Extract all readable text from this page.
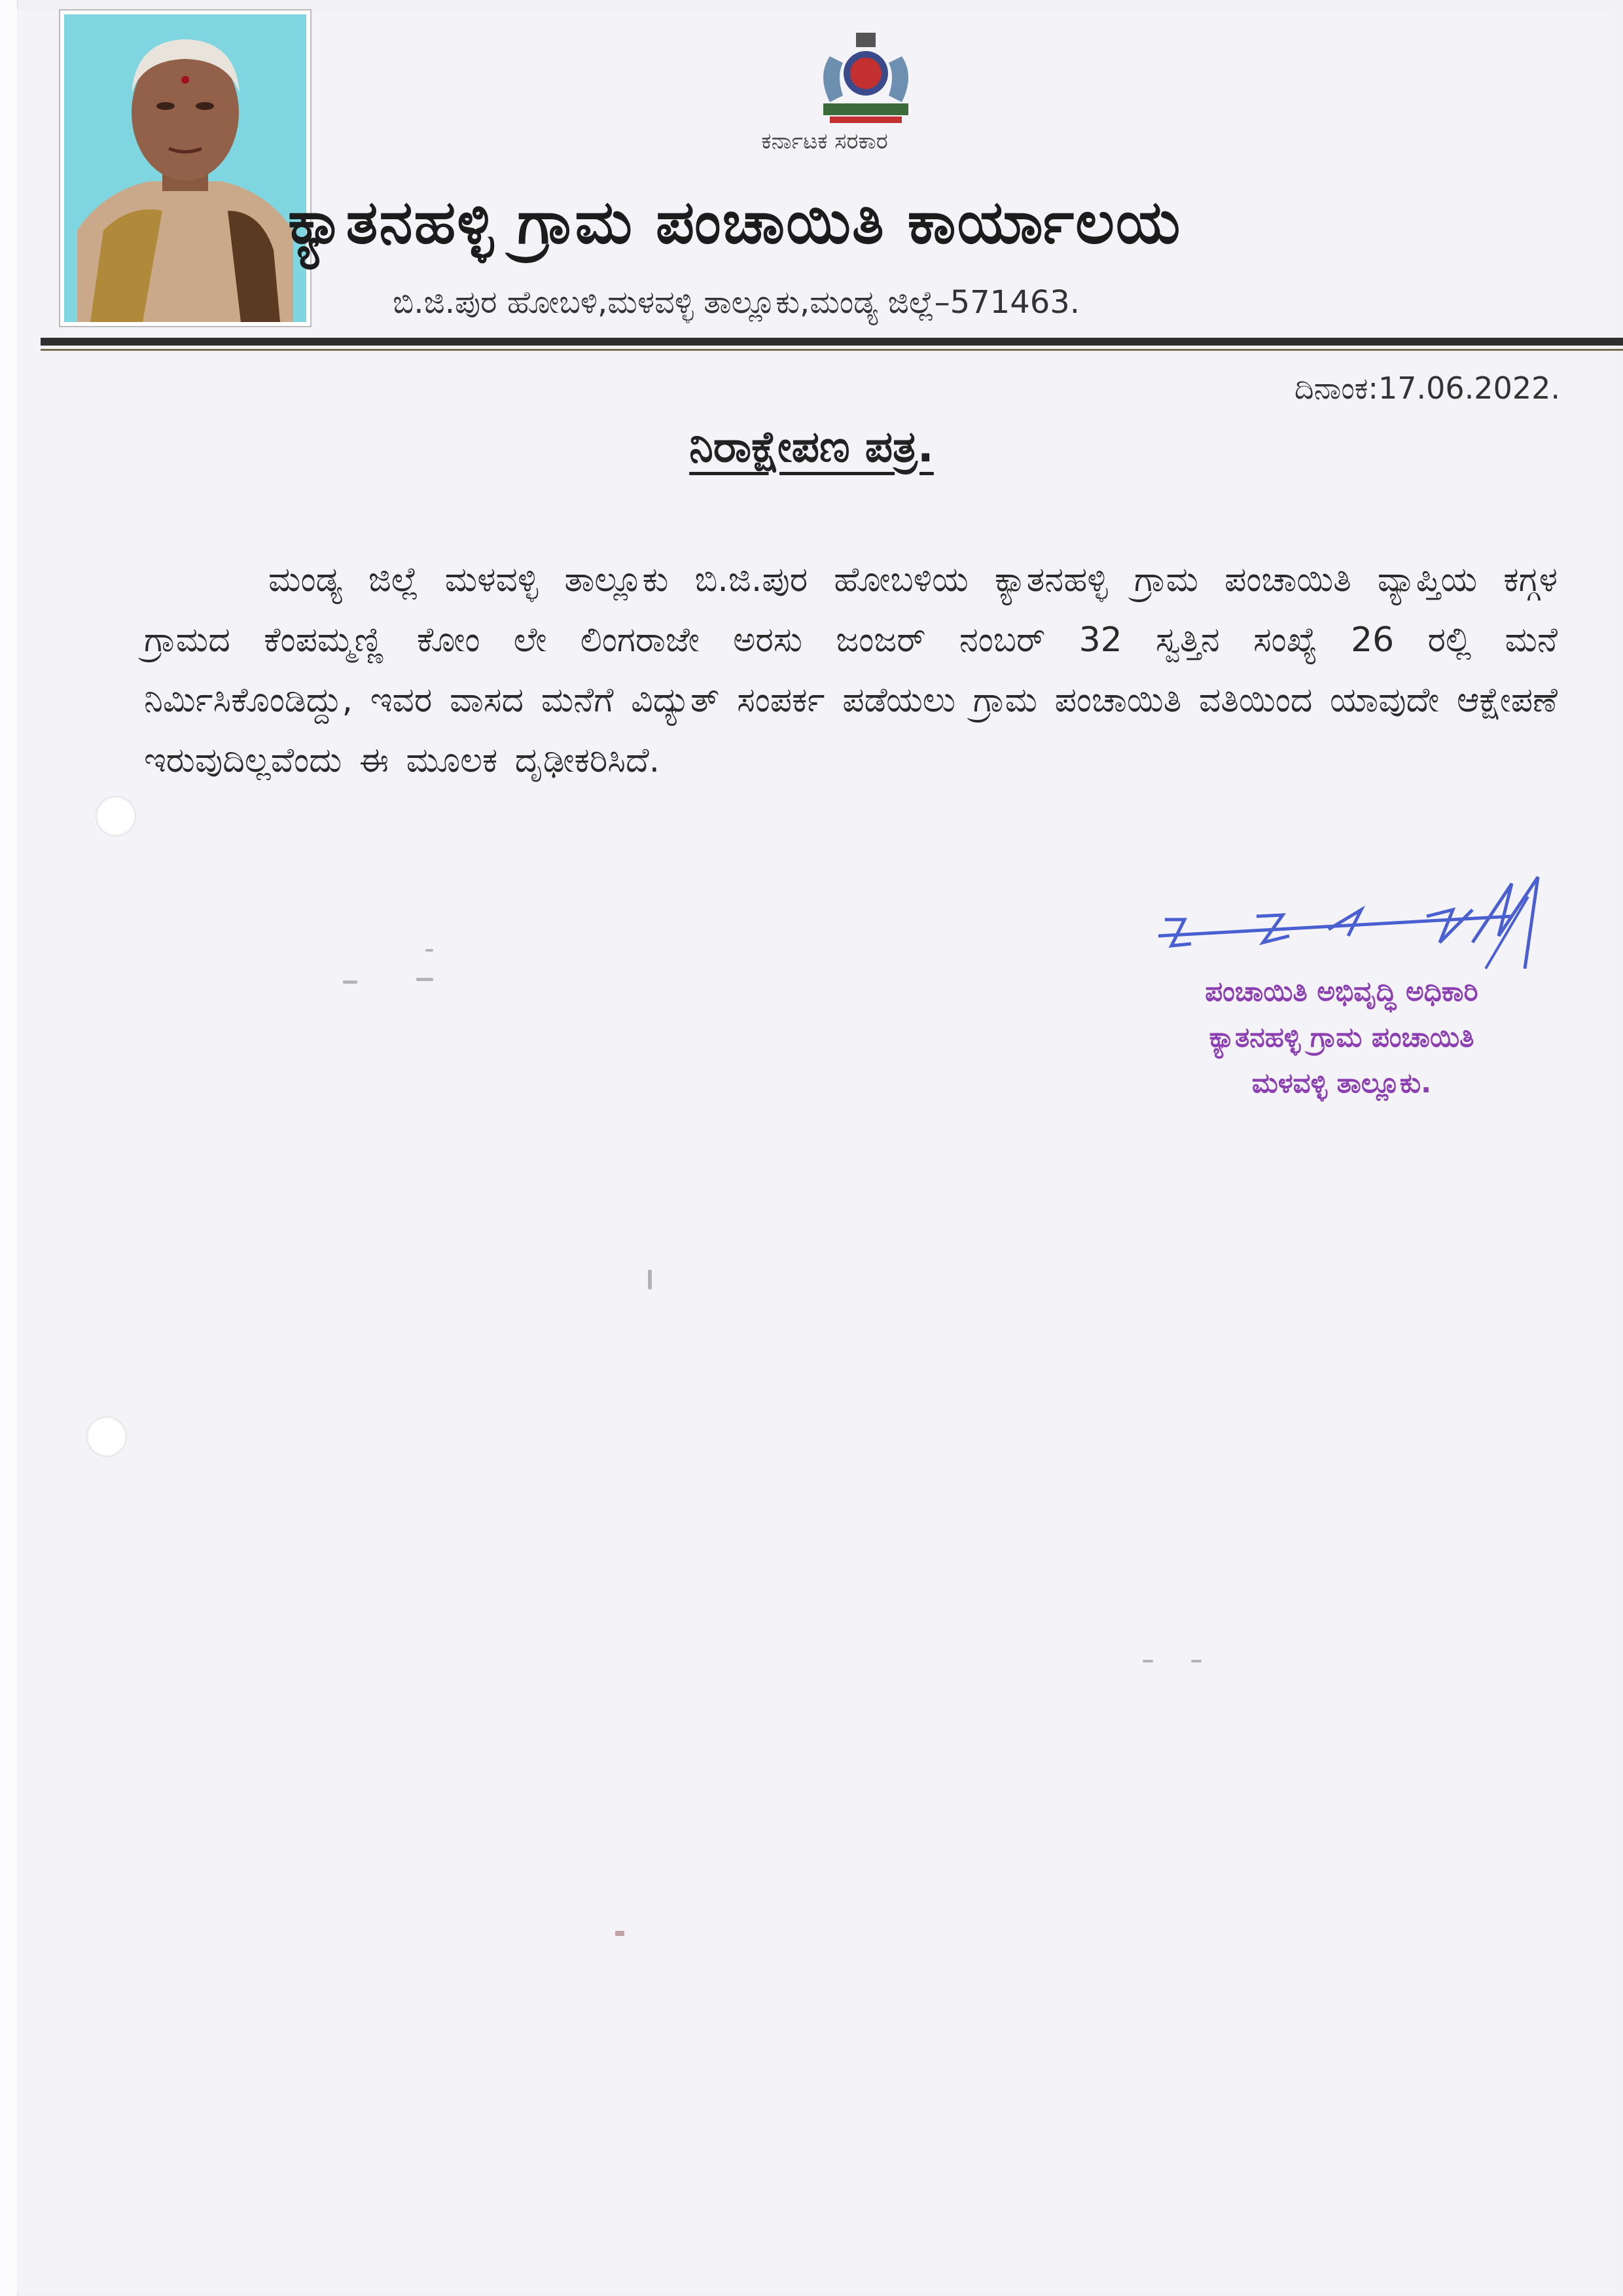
ಕರ್ನಾಟಕ ಸರಕಾರ
ಕ್ಯಾತನಹಳ್ಳಿ ಗ್ರಾಮ ಪಂಚಾಯಿತಿ ಕಾರ್ಯಾಲಯ
ಬಿ.ಜಿ.ಪುರ ಹೋಬಳಿ,ಮಳವಳ್ಳಿ ತಾಲ್ಲೂಕು,ಮಂಡ್ಯ ಜಿಲ್ಲೆ–571463.
ದಿನಾಂಕ:17.06.2022.
ನಿರಾಕ್ಷೇಪಣ ಪತ್ರ.
ಮಂಡ್ಯ ಜಿಲ್ಲೆ ಮಳವಳ್ಳಿ ತಾಲ್ಲೂಕು ಬಿ.ಜಿ.ಪುರ ಹೋಬಳಿಯ ಕ್ಯಾತನಹಳ್ಳಿ ಗ್ರಾಮ ಪಂಚಾಯಿತಿ ವ್ಯಾಪ್ತಿಯ ಕಗ್ಗಳ ಗ್ರಾಮದ ಕೆಂಪಮ್ಮಣ್ಣಿ ಕೋಂ ಲೇ ಲಿಂಗರಾಜೇ ಅರಸು ಜಂಜರ್ ನಂಬರ್ 32 ಸ್ವತ್ತಿನ ಸಂಖ್ಯೆ 26 ರಲ್ಲಿ ಮನೆ ನಿರ್ಮಿಸಿಕೊಂಡಿದ್ದು, ಇವರ ವಾಸದ ಮನೆಗೆ ವಿದ್ಯುತ್ ಸಂಪರ್ಕ ಪಡೆಯಲು ಗ್ರಾಮ ಪಂಚಾಯಿತಿ ವತಿಯಿಂದ ಯಾವುದೇ ಆಕ್ಷೇಪಣೆ ಇರುವುದಿಲ್ಲವೆಂದು ಈ ಮೂಲಕ ದೃಢೀಕರಿಸಿದೆ.
ಪಂಚಾಯಿತಿ ಅಭಿವೃದ್ಧಿ ಅಧಿಕಾರಿ
ಕ್ಯಾತನಹಳ್ಳಿ ಗ್ರಾಮ ಪಂಚಾಯಿತಿ
ಮಳವಳ್ಳಿ ತಾಲ್ಲೂಕು.
